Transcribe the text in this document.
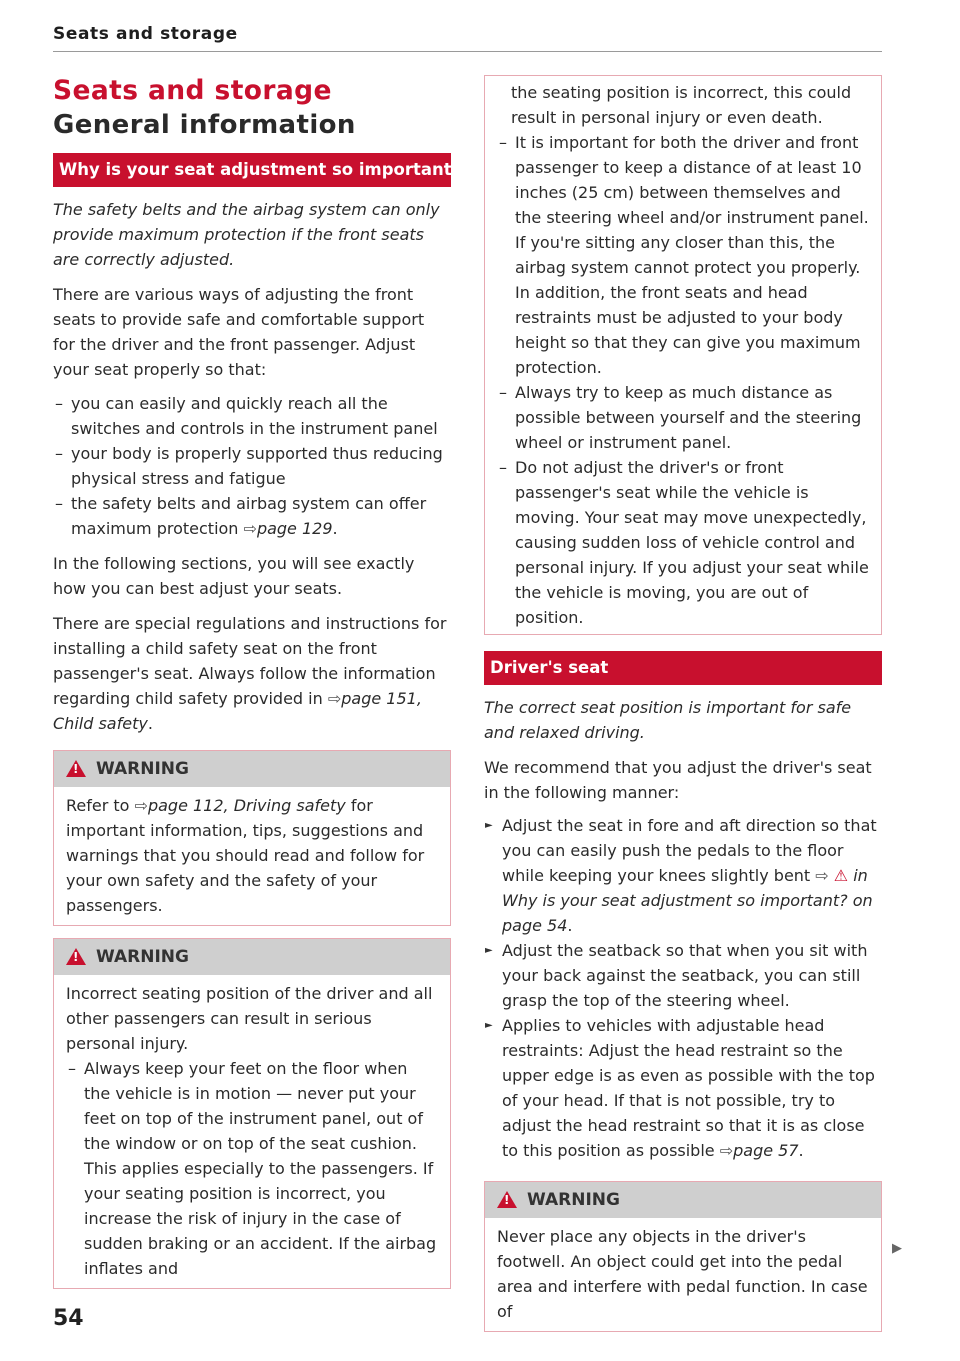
Seats and storage
Seats and storage
General information
Why is your seat adjustment so important?

The safety belts and the airbag system can only provide maximum protection if the front seats are correctly adjusted.

There are various ways of adjusting the front seats to provide safe and comfortable support for the driver and the front passenger. Adjust your seat properly so that:

– you can easily and quickly reach all the switches and controls in the instrument panel
– your body is properly supported thus reducing physical stress and fatigue
– the safety belts and airbag system can offer maximum protection ⇨page 129.

In the following sections, you will see exactly how you can best adjust your seats.

There are special regulations and instructions for installing a child safety seat on the front passenger's seat. Always follow the information regarding child safety provided in ⇨page 151, Child safety.

!WARNING

Refer to ⇨page 112, Driving safety for important information, tips, suggestions and warnings that you should read and follow for your own safety and the safety of your passengers.

!WARNING

Incorrect seating position of the driver and all other passengers can result in serious personal injury.

– Always keep your feet on the floor when the vehicle is in motion — never put your feet on top of the instrument panel, out of the window or on top of the seat cushion. This applies especially to the passengers. If your seating position is incorrect, you increase the risk of injury in the case of sudden braking or an accident. If the airbag inflates and

the seating position is incorrect, this could result in personal injury or even death.

– It is important for both the driver and front passenger to keep a distance of at least 10 inches (25 cm) between themselves and the steering wheel and/or instrument panel. If you're sitting any closer than this, the airbag system cannot protect you properly. In addition, the front seats and head restraints must be adjusted to your body height so that they can give you maximum protection.
– Always try to keep as much distance as possible between yourself and the steering wheel or instrument panel.
– Do not adjust the driver's or front passenger's seat while the vehicle is moving. Your seat may move unexpectedly, causing sudden loss of vehicle control and personal injury. If you adjust your seat while the vehicle is moving, you are out of position.
Driver's seat

The correct seat position is important for safe and relaxed driving.

We recommend that you adjust the driver's seat in the following manner:

► Adjust the seat in fore and aft direction so that you can easily push the pedals to the floor while keeping your knees slightly bent ⇨ ⚠ in Why is your seat adjustment so important? on page 54.
► Adjust the seatback so that when you sit with your back against the seatback, you can still grasp the top of the steering wheel.
► Applies to vehicles with adjustable head restraints: Adjust the head restraint so the upper edge is as even as possible with the top of your head. If that is not possible, try to adjust the head restraint so that it is as close to this position as possible ⇨page 57.
!WARNING

Never place any objects in the driver's footwell. An object could get into the pedal area and interfere with pedal function. In case of

▶
54
